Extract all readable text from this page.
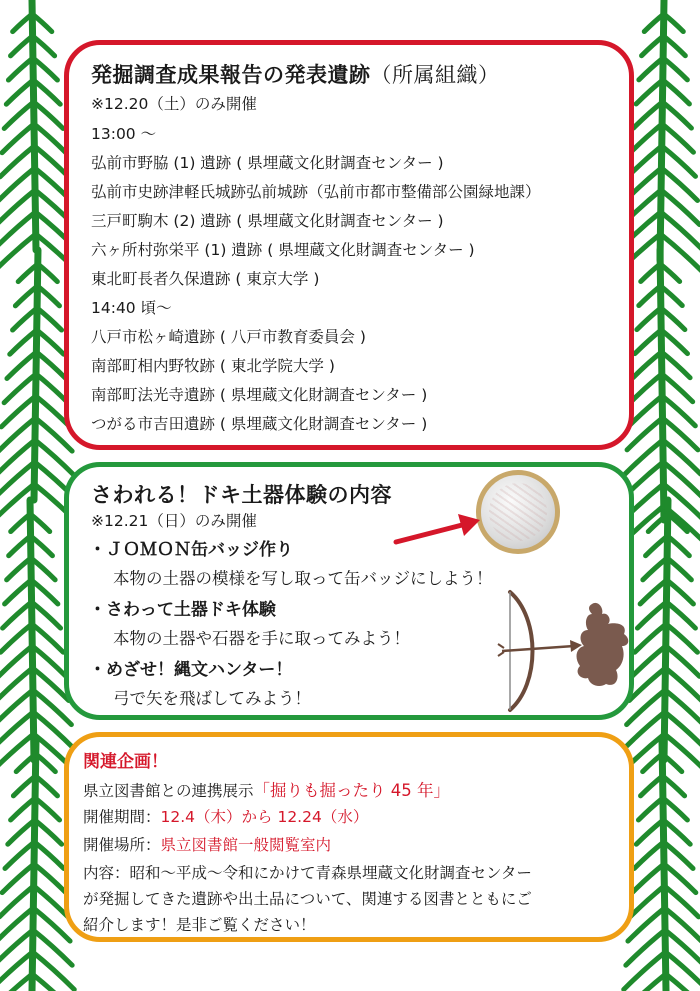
発掘調査成果報告の発表遺跡（所属組織）
※12.20（土）のみ開催
13:00 ～
弘前市野脇 (1) 遺跡 ( 県埋蔵文化財調査センター )
弘前市史跡津軽氏城跡弘前城跡（弘前市都市整備部公園緑地課）
三戸町駒木 (2) 遺跡 ( 県埋蔵文化財調査センター )
六ヶ所村弥栄平 (1) 遺跡 ( 県埋蔵文化財調査センター )
東北町長者久保遺跡 ( 東京大学 )
14:40 頃～
八戸市松ヶ崎遺跡 ( 八戸市教育委員会 )
南部町相内野牧跡 ( 東北学院大学 )
南部町法光寺遺跡 ( 県埋蔵文化財調査センター )
つがる市吉田遺跡 ( 県埋蔵文化財調査センター )
さわれる！ドキ土器体験の内容
※12.21（日）のみ開催
・ＪＯＭＯＮ缶バッジ作り
本物の土器の模様を写し取って缶バッジにしよう！
・さわって土器ドキ体験
本物の土器や石器を手に取ってみよう！
・めざせ！縄文ハンター！
弓で矢を飛ばしてみよう！
関連企画！
県立図書館との連携展示「掘りも掘ったり 45 年」
開催期間：12.4（木）から 12.24（水）
開催場所：県立図書館一般閲覧室内
内容：昭和～平成～令和にかけて青森県埋蔵文化財調査センター
が発掘してきた遺跡や出土品について、関連する図書とともにご
紹介します！是非ご覧ください！
